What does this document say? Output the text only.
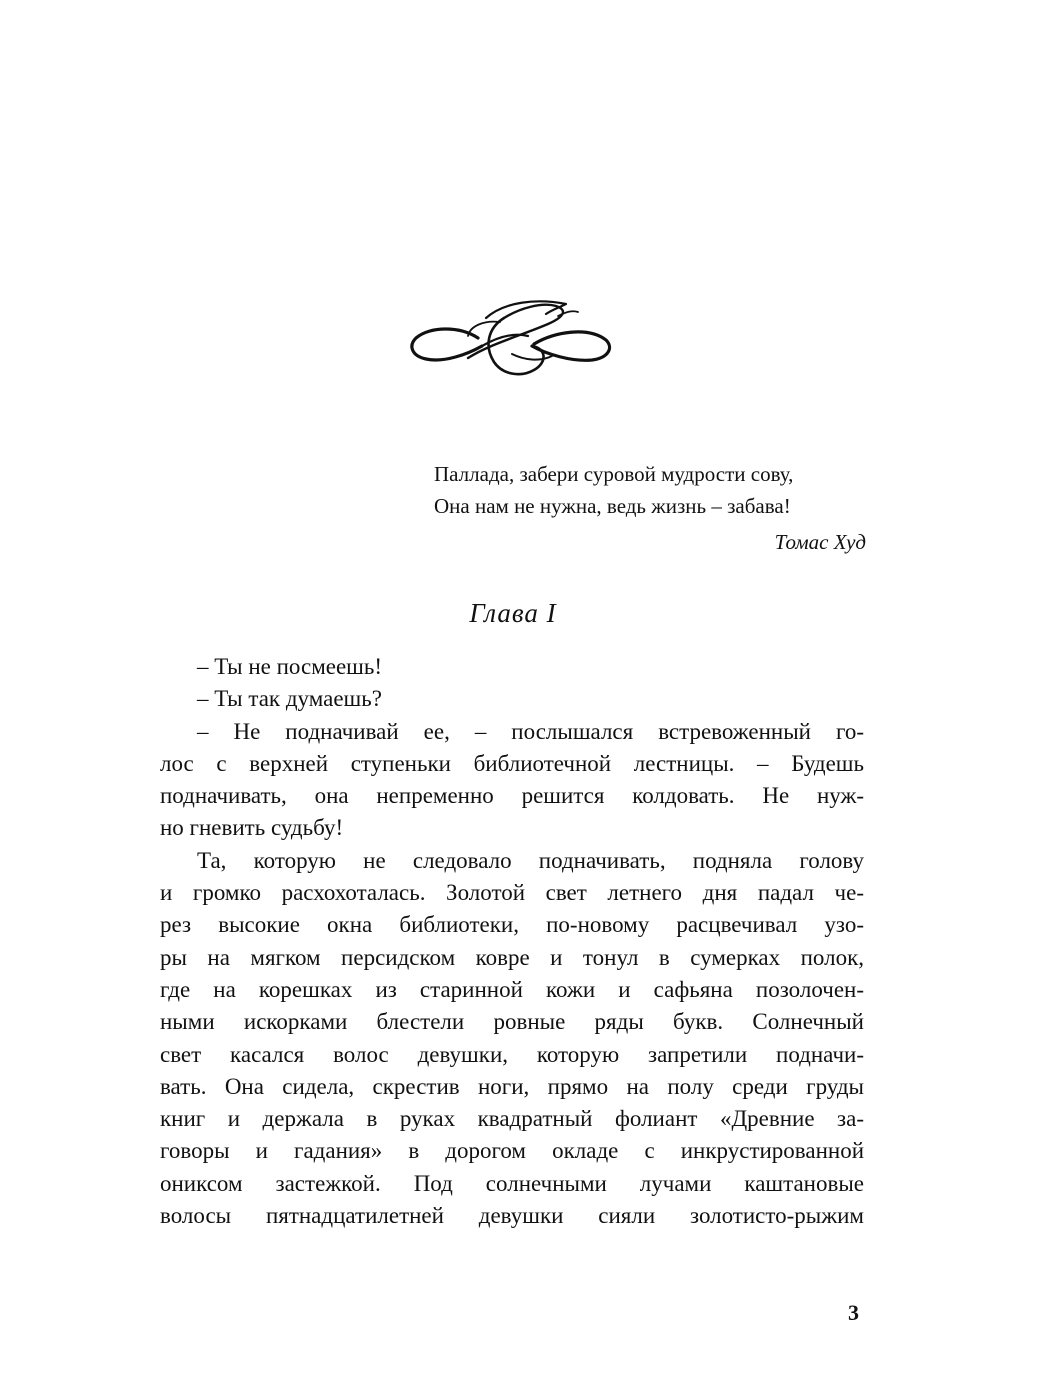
Паллада, забери суровой мудрости сову,
Она нам не нужна, ведь жизнь – забава!
Томас Худ
Глава I
– Ты не посмеешь!
– Ты так думаешь?
– Не подначивай ее, – послышался встревоженный го-
лос с верхней ступеньки библиотечной лестницы. – Будешь
подначивать, она непременно решится колдовать. Не нуж-
но гневить судьбу!
Та, которую не следовало подначивать, подняла голову
и громко расхохоталась. Золотой свет летнего дня падал че-
рез высокие окна библиотеки, по-новому расцвечивал узо-
ры на мягком персидском ковре и тонул в сумерках полок,
где на корешках из старинной кожи и сафьяна позолочен-
ными искорками блестели ровные ряды букв. Солнечный
свет касался волос девушки, которую запретили подначи-
вать. Она сидела, скрестив ноги, прямо на полу среди груды
книг и держала в руках квадратный фолиант «Древние за-
говоры и гадания» в дорогом окладе с инкрустированной
ониксом застежкой. Под солнечными лучами каштановые
волосы пятнадцатилетней девушки сияли золотисто-рыжим
3
